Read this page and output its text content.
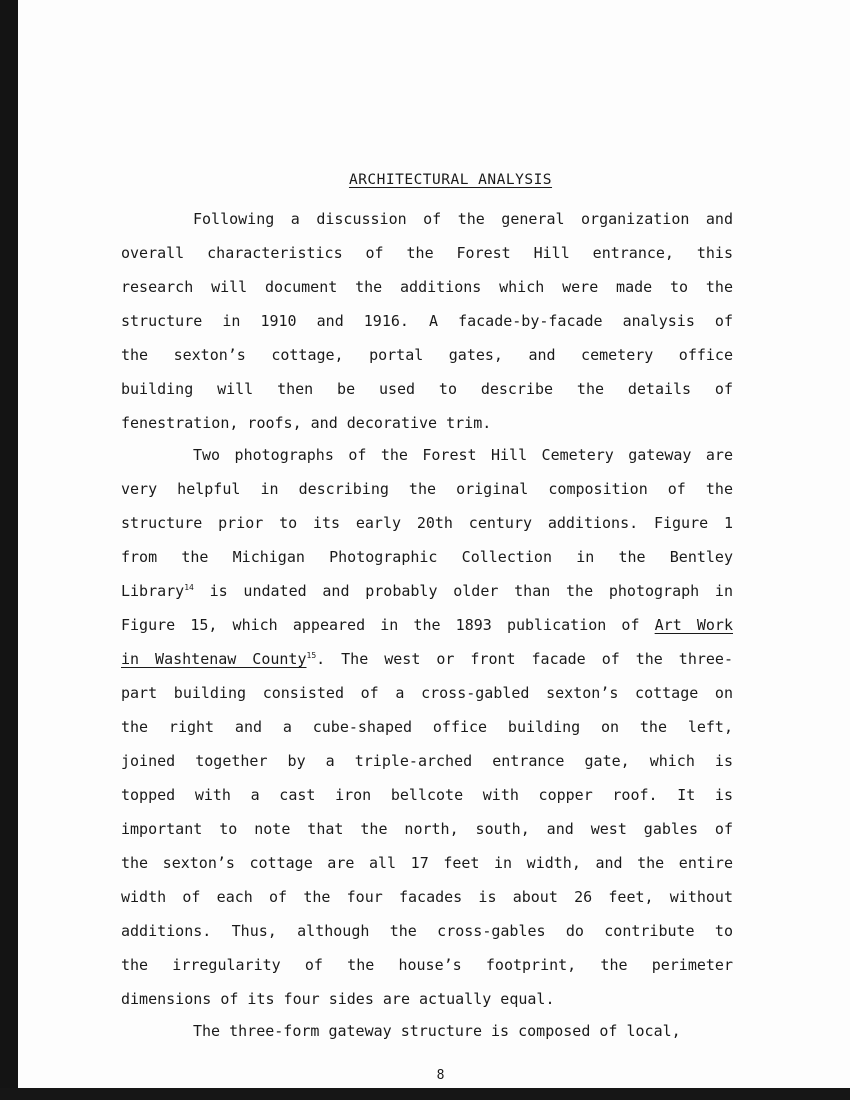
ARCHITECTURAL ANALYSIS
Following a discussion of the general organization and
overall characteristics of the Forest Hill entrance, this
research will document the additions which were made to the
structure in 1910 and 1916. A facade-by-facade analysis of
the sexton’s cottage, portal gates, and cemetery office
building will then be used to describe the details of
fenestration, roofs, and decorative trim.
Two photographs of the Forest Hill Cemetery gateway are
very helpful in describing the original composition of the
structure prior to its early 20th century additions. Figure 1
from the Michigan Photographic Collection in the Bentley
Library$^{14}$ is undated and probably older than the photograph in
Figure 15, which appeared in the 1893 publication of Art Work
in Washtenaw County$^{15}$. The west or front facade of the three-
part building consisted of a cross-gabled sexton’s cottage on
the right and a cube-shaped office building on the left,
joined together by a triple-arched entrance gate, which is
topped with a cast iron bellcote with copper roof. It is
important to note that the north, south, and west gables of
the sexton’s cottage are all 17 feet in width, and the entire
width of each of the four facades is about 26 feet, without
additions. Thus, although the cross-gables do contribute to
the irregularity of the house’s footprint, the perimeter
dimensions of its four sides are actually equal.
The three-form gateway structure is composed of local,
8
